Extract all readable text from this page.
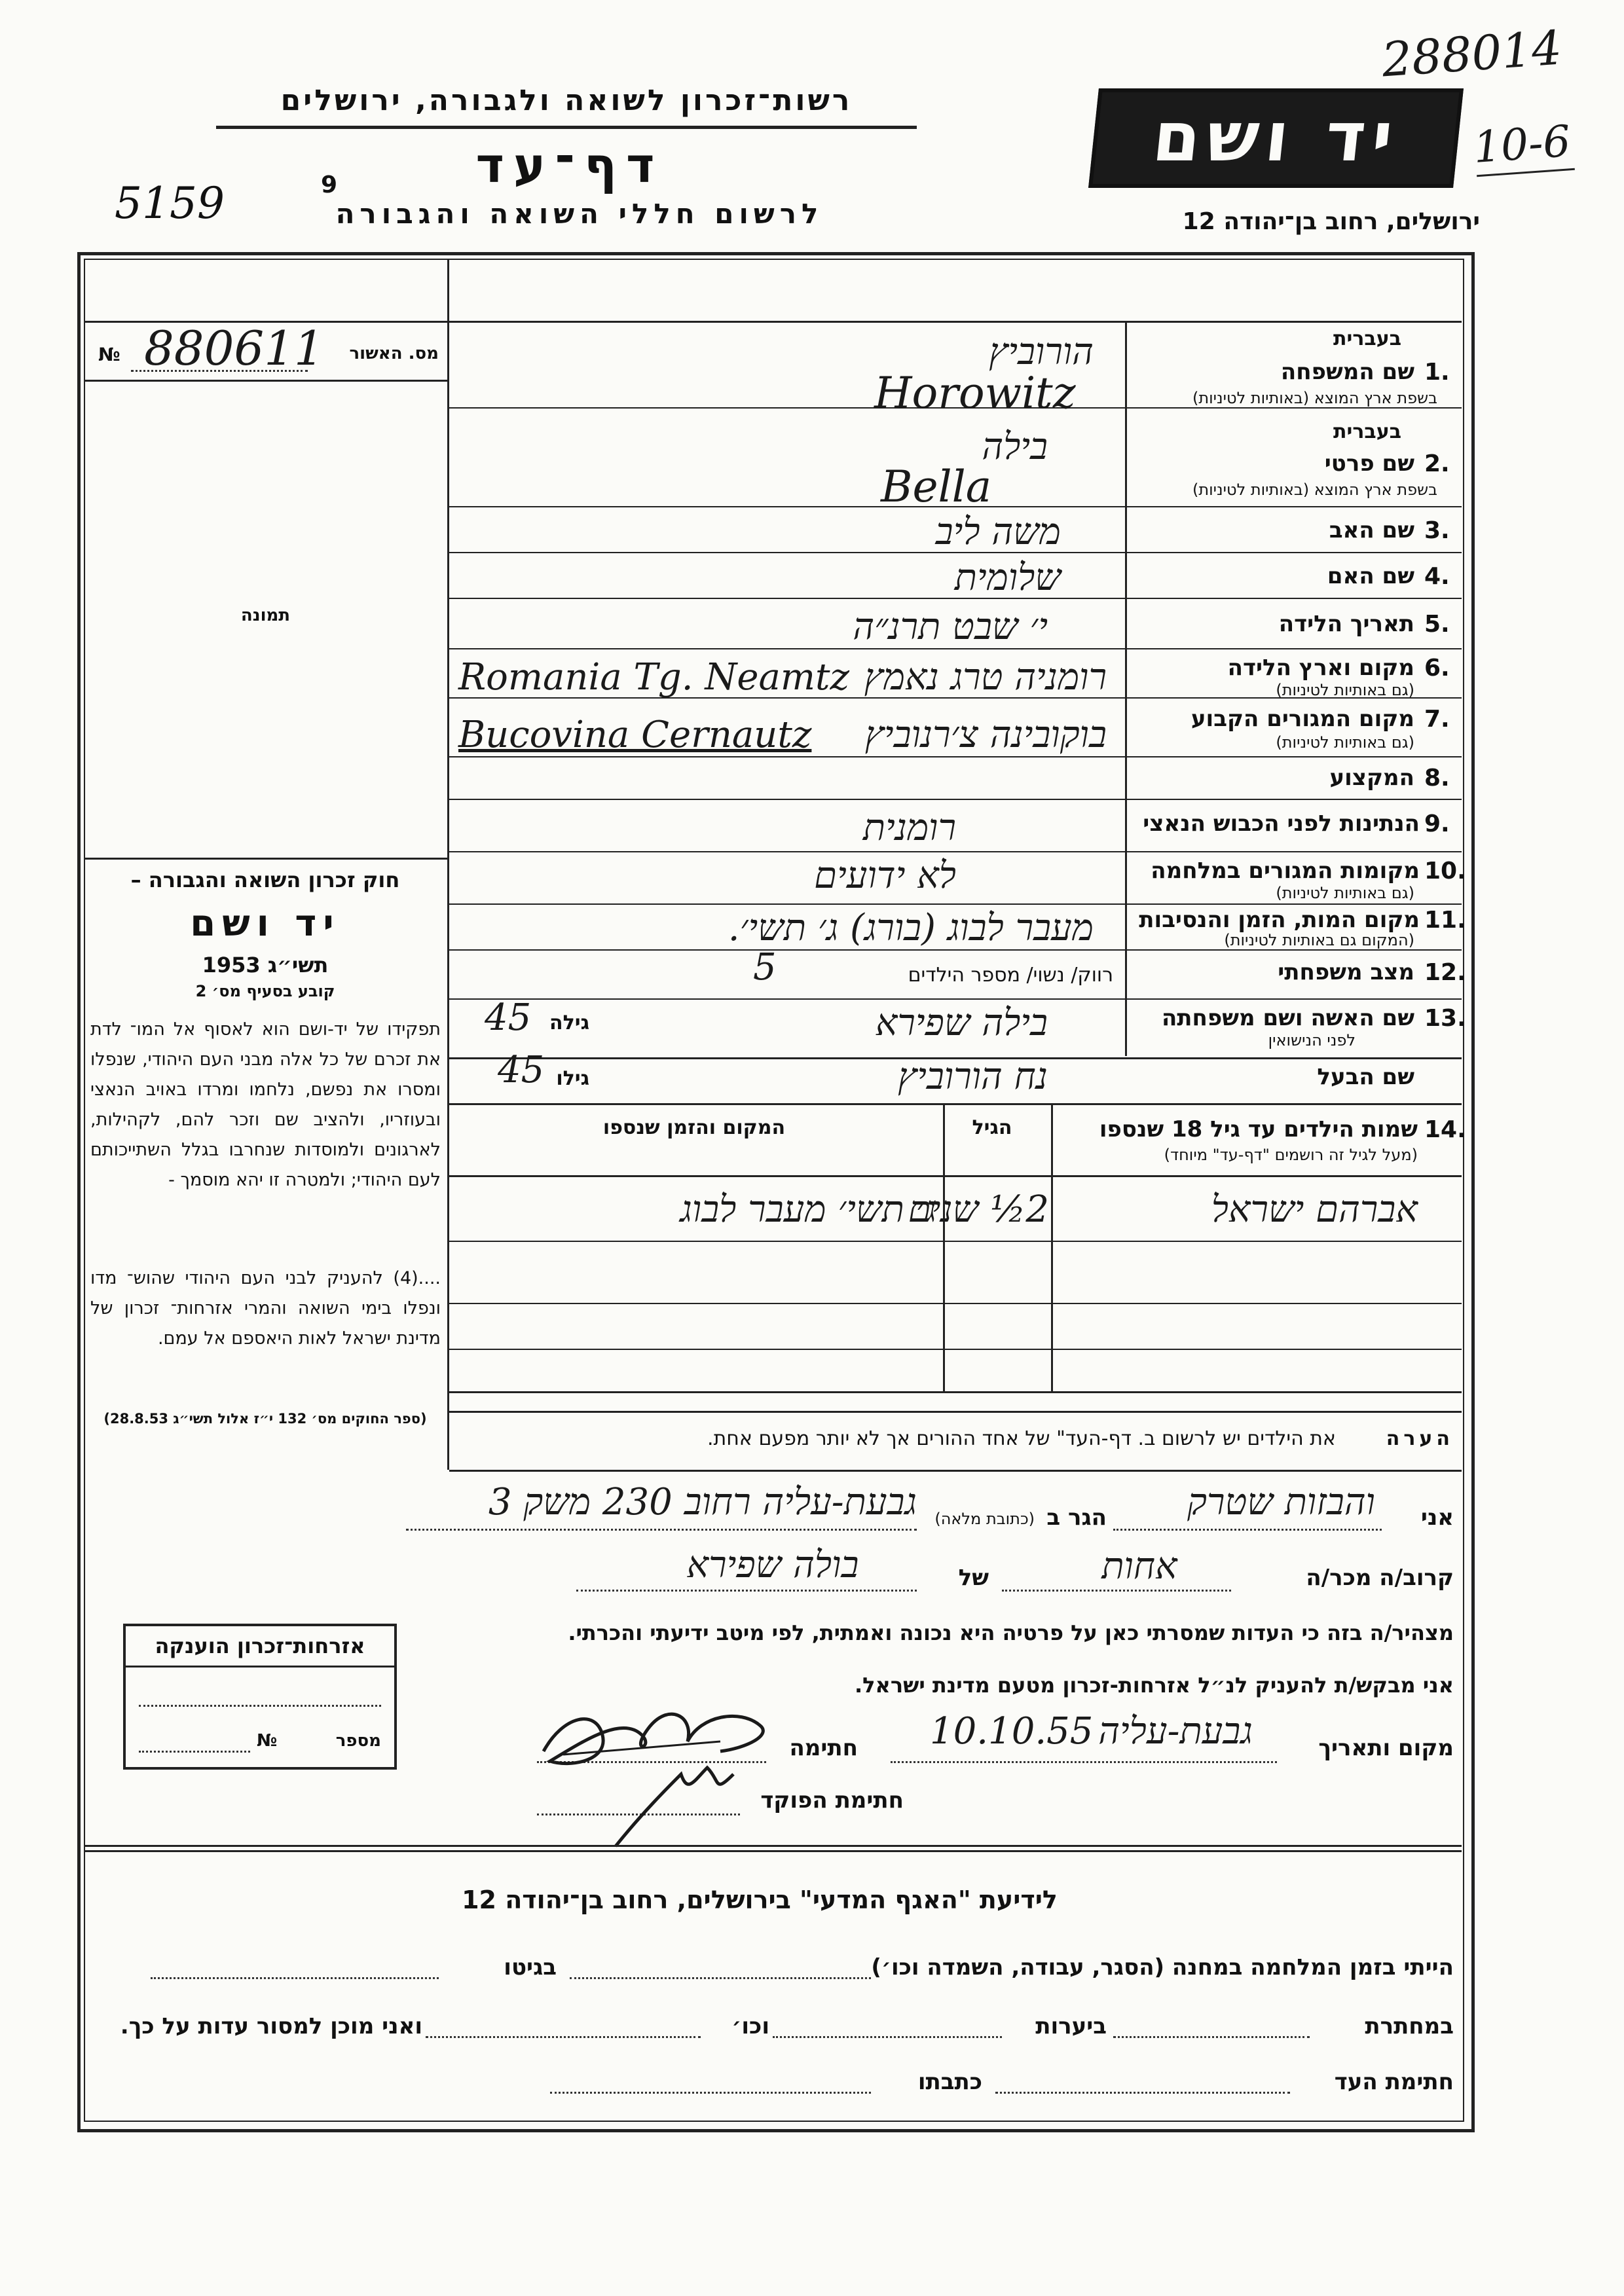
רשות־זכרון לשואה ולגבורה, ירושלים
דף־עד
לרשום חללי השואה והגבורה
5159	9
יד ושם
288014
10-6
ירושלים, רחוב בן־יהודה 12
מס. האשור
№ 880611
תמונה
חוק זכרון השואה והגבורה –
יד ושם
תשי״ג 1953
קובע בסעיף מס׳ 2
תפקידו של יד-ושם הוא לאסוף אל המו־ לדת את זכרם של כל אלה מבני העם היהודי, שנפלו ומסרו את נפשם, נלחמו ומרדו באויב הנאצי ובעוזריו, ולהציב שם וזכר להם, לקהילות, לארגונים ולמוסדות שנחרבו בגלל השתייכותם לעם היהודי; ולמטרה זו יהא מוסמך -
....(4) להעניק לבני העם היהודי שהוש־ מדו ונפלו בימי השואה והמרי אזרחות־ זכרון של מדינת ישראל לאות היאספם אל עמם.
(ספר החוקים מס׳ 132 י״ז אלול תשי״ג 28.8.53)
בעברית
1.
שם המשפחה
בשפת ארץ המוצא (באותיות לטיניות)
הורוביץ
Horowitz
בעברית
2.
שם פרטי
בשפת ארץ המוצא (באותיות לטיניות)
בילה
Bella
3.
שם האב
משה ליב
4.
שם האם
שלומית
5.
תאריך הלידה
י׳ שבט תרנ״ה
6.
מקום וארץ הלידה
(גם באותיות לטיניות)
Romania Tg. Neamtz רומניה טרג נאמץ
7.
מקום המגורים הקבוע
(גם באותיות לטיניות)
Bucovina Cernautz	בוקובינה צ׳רנוביץ
8.
המקצוע
9.
הנתינות לפני הכבוש הנאצי
רומנית
10.
מקומות המגורים במלחמה
(גם באותיות לטיניות)
לא ידועים
11.
מקום המות, הזמן והנסיבות
(המקום גם באותיות לטיניות)
מעבר לבוג (בורג) ג׳ תשי׳.
12.
מצב משפחתי
רווק/ נשוי/ מספר הילדים
5
13.
שם האשה ושם משפחתה
לפני הנישואין
גילה
45	בילה שפירא
שם הבעל
גילו
45	נח הורוביץ
14.
שמות הילדים עד גיל 18 שנספו
(מעל לגיל זה רושמים "דף-עד" מיוחד)
הגיל
המקום והזמן שנספו
אברהם ישראל
2½ שנים
ג׳ תשי׳ מעבר לבוג
הערה
את הילדים יש לרשום ב. דף-העד" של אחד ההורים אך לא יותר מפעם אחת.
אני
והבזות שטרק
הגר ב
(כתובת מלאה)
גבעת-עליה רחוב 230 משק 3
קרוב/ה מכר/ה
אחות
של
בולה שפירא
מצהיר/ה בזה כי העדות שמסרתי כאן על פרטיה היא נכונה ואמתית, לפי מיטב ידיעתי והכרתי.
אני מבקש/ת להעניק לנ״ל אזרחות-זכרון מטעם מדינת ישראל.
מקום ותאריך
גבעת-עליה
10.10.55
חתימה
חתימת הפוקד
אזרחות־זכרון הוענקה
מספר
№
לידיעת "האגף המדעי" בירושלים, רחוב בן־יהודה 12
הייתי בזמן המלחמה במחנה (הסגר, עבודה, השמדה וכו׳)
בגיטו
במחתרת
ביערות
וכו׳
ואני מוכן למסור עדות על כך.
חתימת העד
כתבתו
